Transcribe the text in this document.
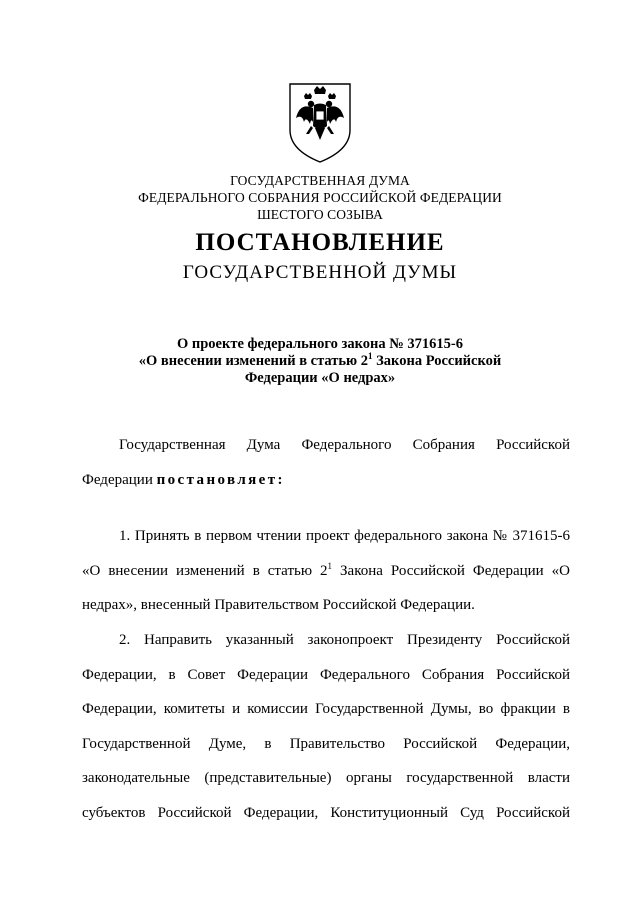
ГОСУДАРСТВЕННАЯ ДУМА
ФЕДЕРАЛЬНОГО СОБРАНИЯ РОССИЙСКОЙ ФЕДЕРАЦИИ
ШЕСТОГО СОЗЫВА
ПОСТАНОВЛЕНИЕ
ГОСУДАРСТВЕННОЙ ДУМЫ
О проекте федерального закона № 371615-6
«О внесении изменений в статью $2^1$ Закона Российской
Федерации «О недрах»

Государственная Дума Федерального Собрания Российской Федерации постановляет:

1. Принять в первом чтении проект федерального закона № 371615-6 «О внесении изменений в статью $2^1$ Закона Российской Федерации «О недрах», внесенный Правительством Российской Федерации.

2. Направить указанный законопроект Президенту Российской Федерации, в Совет Федерации Федерального Собрания Российской Федерации, комитеты и комиссии Государственной Думы, во фракции в Государственной Думе, в Правительство Российской Федерации, законодательные (представительные) органы государственной власти субъектов Российской Федерации, Конституционный Суд Российской
